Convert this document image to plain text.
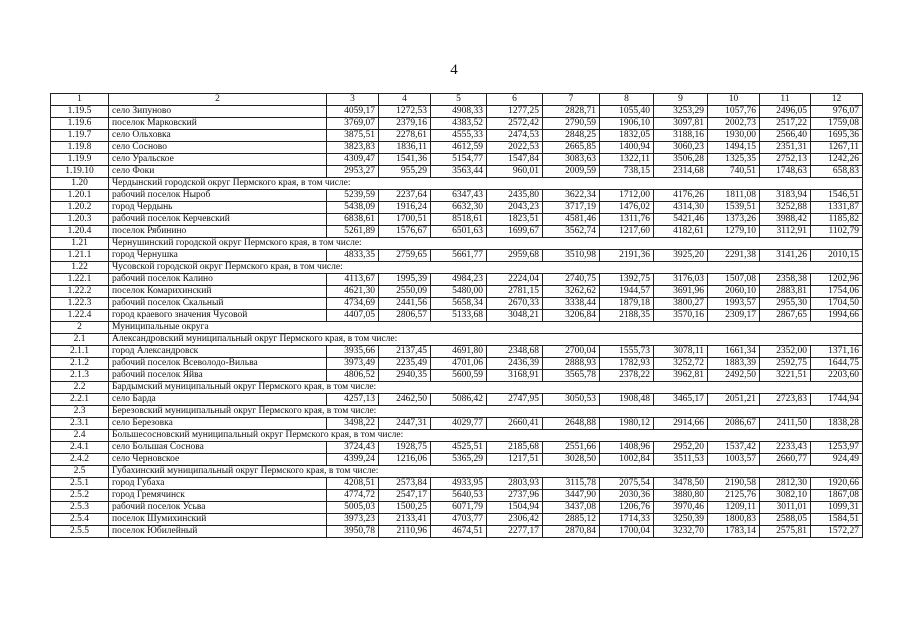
4
1	2	3	4	5	6	7	8	9	10	11	12
1.19.5	село Зипуново	4059,17	1272,53	4908,33	1277,25	2828,71	1055,40	3253,29	1057,76	2496,05	976,07
1.19.6	поселок Марковский	3769,07	2379,16	4383,52	2572,42	2790,59	1906,10	3097,81	2002,73	2517,22	1759,08
1.19.7	село Ольховка	3875,51	2278,61	4555,33	2474,53	2848,25	1832,05	3188,16	1930,00	2566,40	1695,36
1.19.8	село Сосново	3823,83	1836,11	4612,59	2022,53	2665,85	1400,94	3060,23	1494,15	2351,31	1267,11
1.19.9	село Уральское	4309,47	1541,36	5154,77	1547,84	3083,63	1322,11	3506,28	1325,35	2752,13	1242,26
1.19.10	село Фоки	2953,27	955,29	3563,44	960,01	2009,59	738,15	2314,68	740,51	1748,63	658,83
1.20	Чердынский городской округ Пермского края, в том числе:										
1.20.1	рабочий поселок Ныроб	5239,59	2237,64	6347,43	2435,80	3622,34	1712,00	4176,26	1811,08	3183,94	1546,51
1.20.2	город Чердынь	5438,09	1916,24	6632,30	2043,23	3717,19	1476,02	4314,30	1539,51	3252,88	1331,87
1.20.3	рабочий поселок Керчевский	6838,61	1700,51	8518,61	1823,51	4581,46	1311,76	5421,46	1373,26	3988,42	1185,82
1.20.4	поселок Рябинино	5261,89	1576,67	6501,63	1699,67	3562,74	1217,60	4182,61	1279,10	3112,91	1102,79
1.21	Чернушинский городской округ Пермского края, в том числе:										
1.21.1	город Чернушка	4833,35	2759,65	5661,77	2959,68	3510,98	2191,36	3925,20	2291,38	3141,26	2010,15
1.22	Чусовской городской округ Пермского края, в том числе:										
1.22.1	рабочий поселок Калино	4113,67	1995,39	4984,23	2224,04	2740,75	1392,75	3176,03	1507,08	2358,38	1202,96
1.22.2	поселок Комарихинский	4621,30	2550,09	5480,00	2781,15	3262,62	1944,57	3691,96	2060,10	2883,81	1754,06
1.22.3	рабочий поселок Скальный	4734,69	2441,56	5658,34	2670,33	3338,44	1879,18	3800,27	1993,57	2955,30	1704,50
1.22.4	город краевого значения Чусовой	4407,05	2806,57	5133,68	3048,21	3206,84	2188,35	3570,16	2309,17	2867,65	1994,66
2	Муниципальные округа										
2.1	Александровский муниципальный округ Пермского края, в том числе:										
2.1.1	город Александровск	3935,66	2137,45	4691,80	2348,68	2700,04	1555,73	3078,11	1661,34	2352,00	1371,16
2.1.2	рабочий поселок Всеволодо-Вильва	3973,49	2235,49	4701,06	2436,39	2888,93	1782,93	3252,72	1883,39	2592,75	1644,75
2.1.3	рабочий поселок Яйва	4806,52	2940,35	5600,59	3168,91	3565,78	2378,22	3962,81	2492,50	3221,51	2203,60
2.2	Бардымский муниципальный округ Пермского края, в том числе:										
2.2.1	село Барда	4257,13	2462,50	5086,42	2747,95	3050,53	1908,48	3465,17	2051,21	2723,83	1744,94
2.3	Березовский муниципальный округ Пермского края, в том числе:										
2.3.1	село Березовка	3498,22	2447,31	4029,77	2660,41	2648,88	1980,12	2914,66	2086,67	2411,50	1838,28
2.4	Большесосновский муниципальный округ Пермского края, в том числе:										
2.4.1	село Большая Соснова	3724,43	1928,75	4525,51	2185,68	2551,66	1408,96	2952,20	1537,42	2233,43	1253,97
2.4.2	село Черновское	4399,24	1216,06	5365,29	1217,51	3028,50	1002,84	3511,53	1003,57	2660,77	924,49
2.5	Губахинский муниципальный округ Пермского края, в том числе:										
2.5.1	город Губаха	4208,51	2573,84	4933,95	2803,93	3115,78	2075,54	3478,50	2190,58	2812,30	1920,66
2.5.2	город Гремячинск	4774,72	2547,17	5640,53	2737,96	3447,90	2030,36	3880,80	2125,76	3082,10	1867,08
2.5.3	рабочий поселок Усьва	5005,03	1500,25	6071,79	1504,94	3437,08	1206,76	3970,46	1209,11	3011,01	1099,31
2.5.4	поселок Шумихинский	3973,23	2133,41	4703,77	2306,42	2885,12	1714,33	3250,39	1800,83	2588,05	1584,51
2.5.5	поселок Юбилейный	3950,78	2110,96	4674,51	2277,17	2870,84	1700,04	3232,70	1783,14	2575,81	1572,27
